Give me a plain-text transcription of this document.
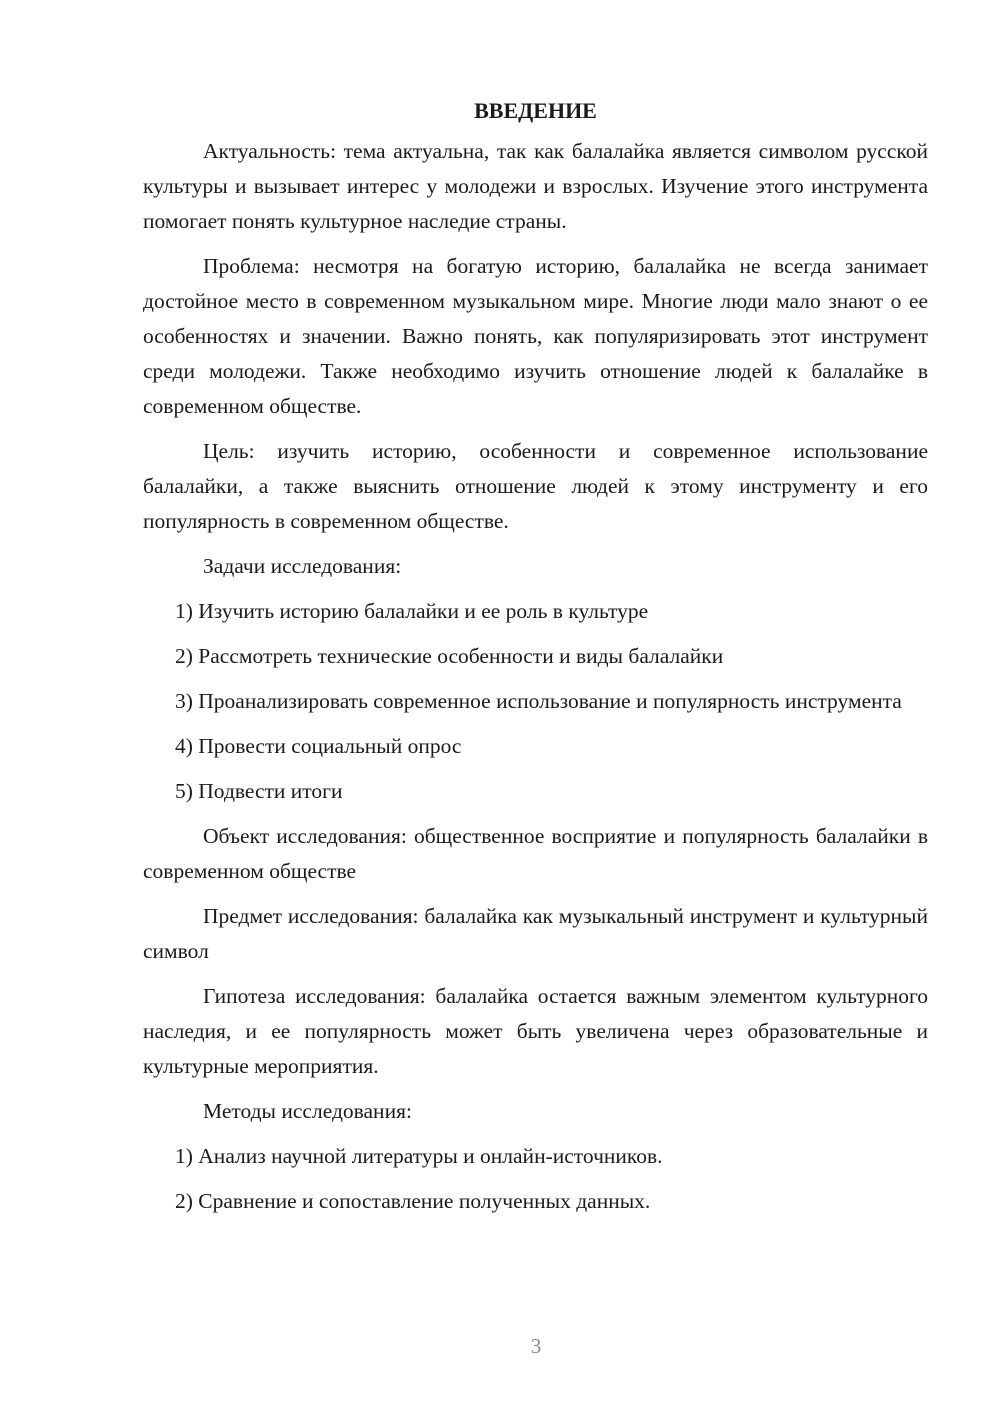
ВВЕДЕНИЕ

Актуальность: тема актуальна, так как балалайка является символом русской культуры и вызывает интерес у молодежи и взрослых. Изучение этого инструмента помогает понять культурное наследие страны.

Проблема: несмотря на богатую историю, балалайка не всегда занимает достойное место в современном музыкальном мире. Многие люди мало знают о ее особенностях и значении. Важно понять, как популяризировать этот инструмент среди молодежи. Также необходимо изучить отношение людей к балалайке в современном обществе.

Цель: изучить историю, особенности и современное использование балалайки, а также выяснить отношение людей к этому инструменту и его популярность в современном обществе.

Задачи исследования:

1) Изучить историю балалайки и ее роль в культуре

2) Рассмотреть технические особенности и виды балалайки

3) Проанализировать современное использование и популярность инструмента

4) Провести социальный опрос

5) Подвести итоги

Объект исследования: общественное восприятие и популярность балалайки в современном обществе

Предмет исследования: балалайка как музыкальный инструмент и культурный символ

Гипотеза исследования: балалайка остается важным элементом культурного наследия, и ее популярность может быть увеличена через образовательные и культурные мероприятия.

Методы исследования:

1) Анализ научной литературы и онлайн-источников.

2) Сравнение и сопоставление полученных данных.

3
